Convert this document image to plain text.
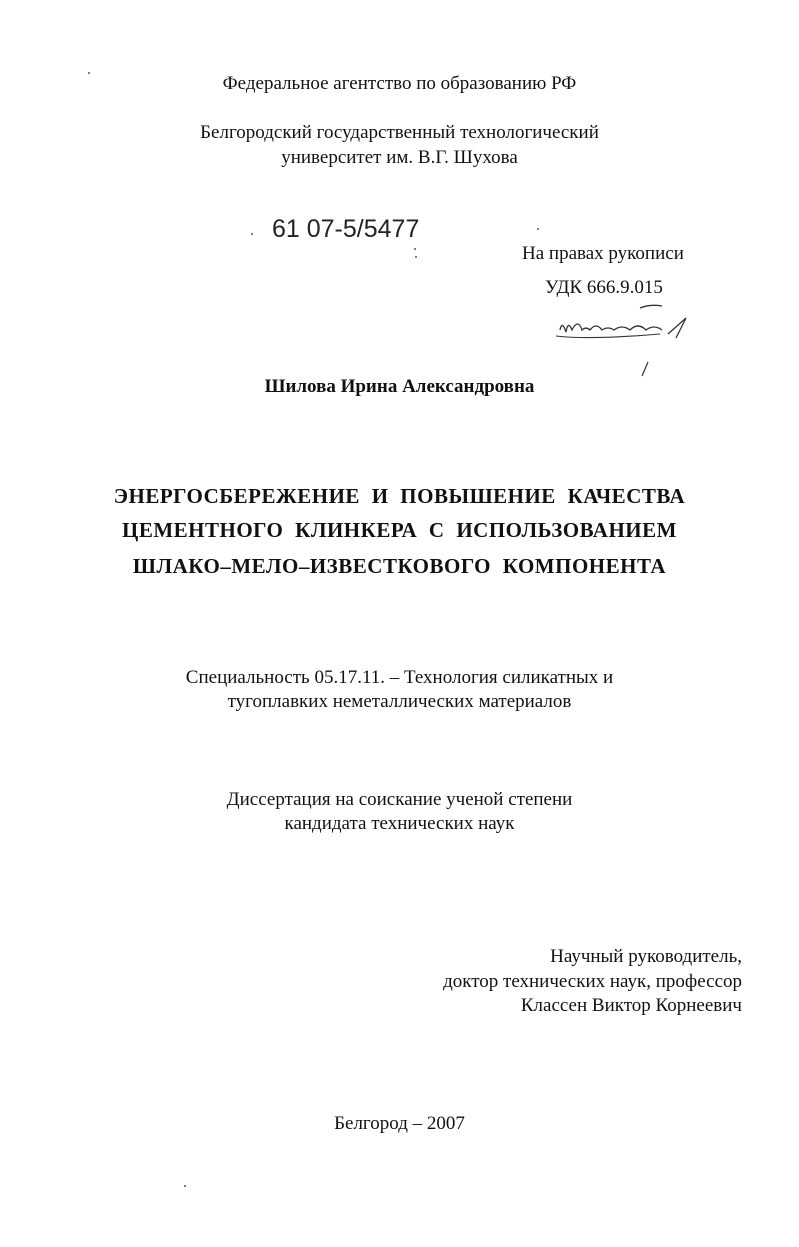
Федеральное агентство по образованию РФ
Белгородский государственный технологический
университет им. В.Г. Шухова
61 07-5/5477
На правах рукописи
УДК 666.9.015
Шилова Ирина Александровна
ЭНЕРГОСБЕРЕЖЕНИЕ И ПОВЫШЕНИЕ КАЧЕСТВА
ЦЕМЕНТНОГО КЛИНКЕРА С ИСПОЛЬЗОВАНИЕМ
ШЛАКО–МЕЛО–ИЗВЕСТКОВОГО КОМПОНЕНТА
Специальность 05.17.11. – Технология силикатных и
тугоплавких неметаллических материалов
Диссертация на соискание ученой степени
кандидата технических наук
Научный руководитель,
доктор технических наук, профессор
Классен Виктор Корнеевич
Белгород – 2007
